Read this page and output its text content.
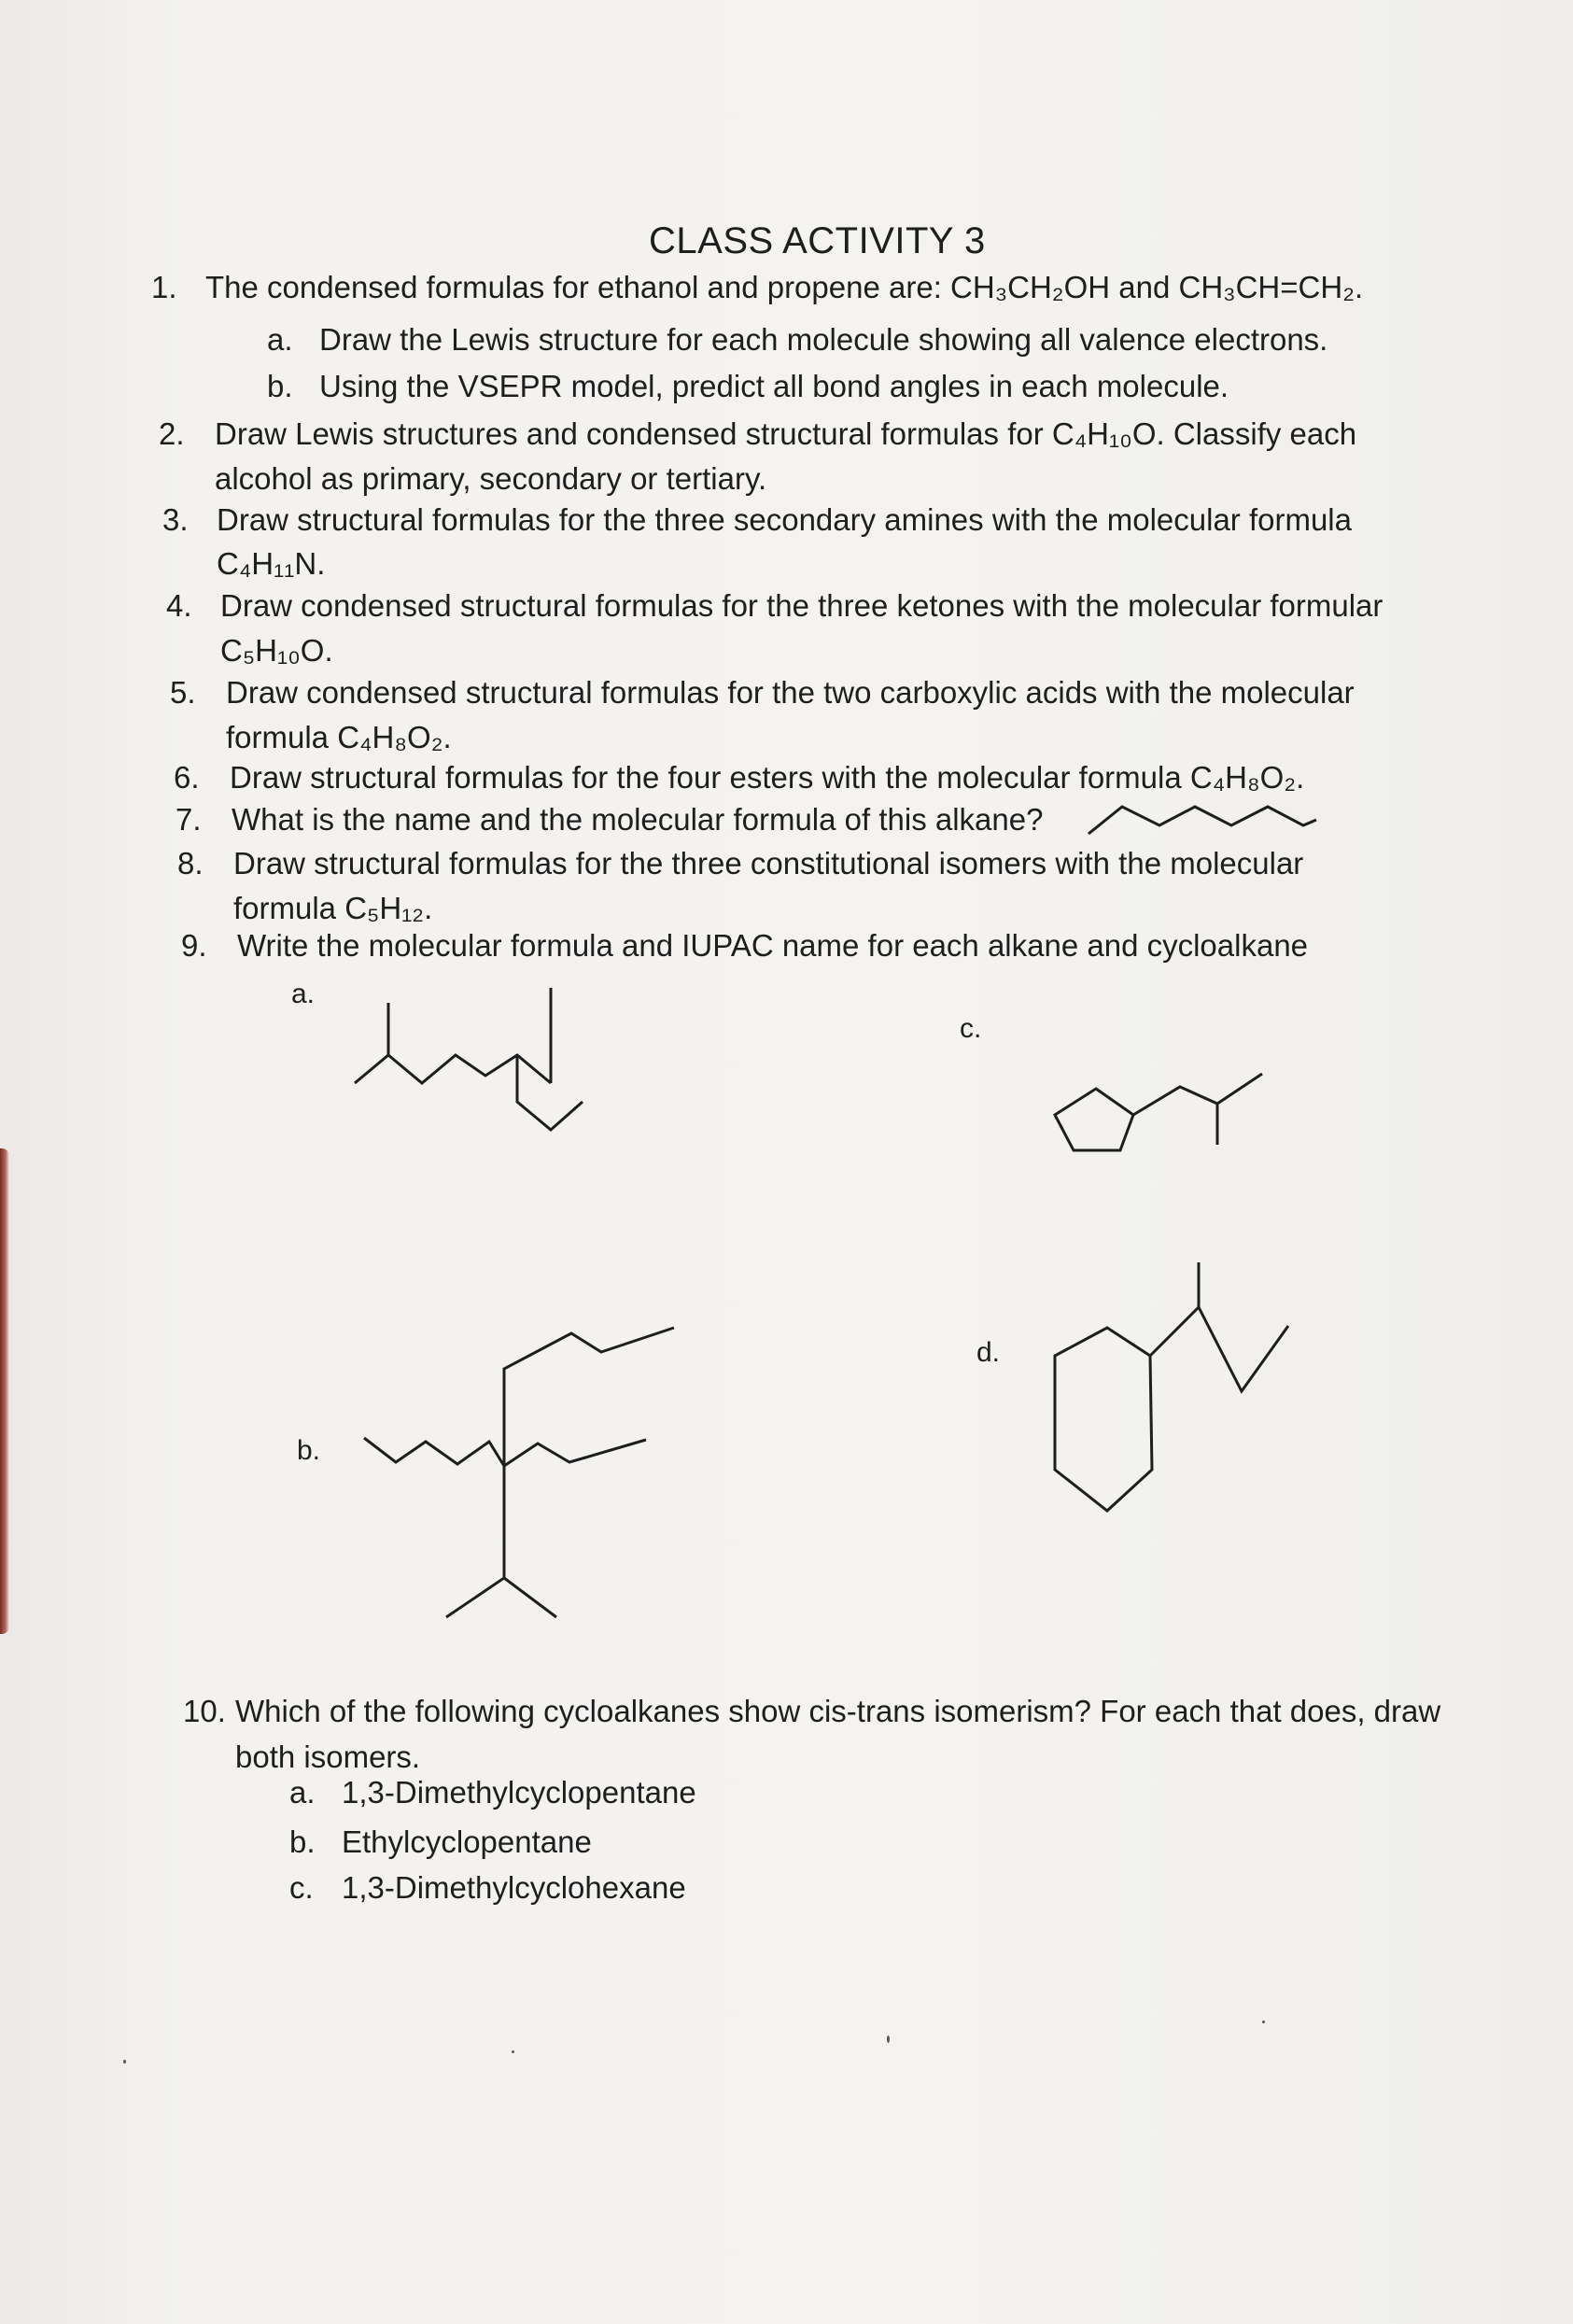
CLASS ACTIVITY 3
1. The condensed formulas for ethanol and propene are: CH₃CH₂OH and CH₃CH=CH₂.
a. Draw the Lewis structure for each molecule showing all valence electrons.
b. Using the VSEPR model, predict all bond angles in each molecule.
2. Draw Lewis structures and condensed structural formulas for C₄H₁₀O. Classify each
alcohol as primary, secondary or tertiary.
3. Draw structural formulas for the three secondary amines with the molecular formula
C₄H₁₁N.
4. Draw condensed structural formulas for the three ketones with the molecular formular
C₅H₁₀O.
5. Draw condensed structural formulas for the two carboxylic acids with the molecular
formula C₄H₈O₂.
6. Draw structural formulas for the four esters with the molecular formula C₄H₈O₂.
7. What is the name and the molecular formula of this alkane?
8. Draw structural formulas for the three constitutional isomers with the molecular
formula C₅H₁₂.
9. Write the molecular formula and IUPAC name for each alkane and cycloalkane
a.
b.
c.
d.
10. Which of the following cycloalkanes show cis-trans isomerism? For each that does, draw
both isomers.
a. 1,3-Dimethylcyclopentane
b. Ethylcyclopentane
c. 1,3-Dimethylcyclohexane
